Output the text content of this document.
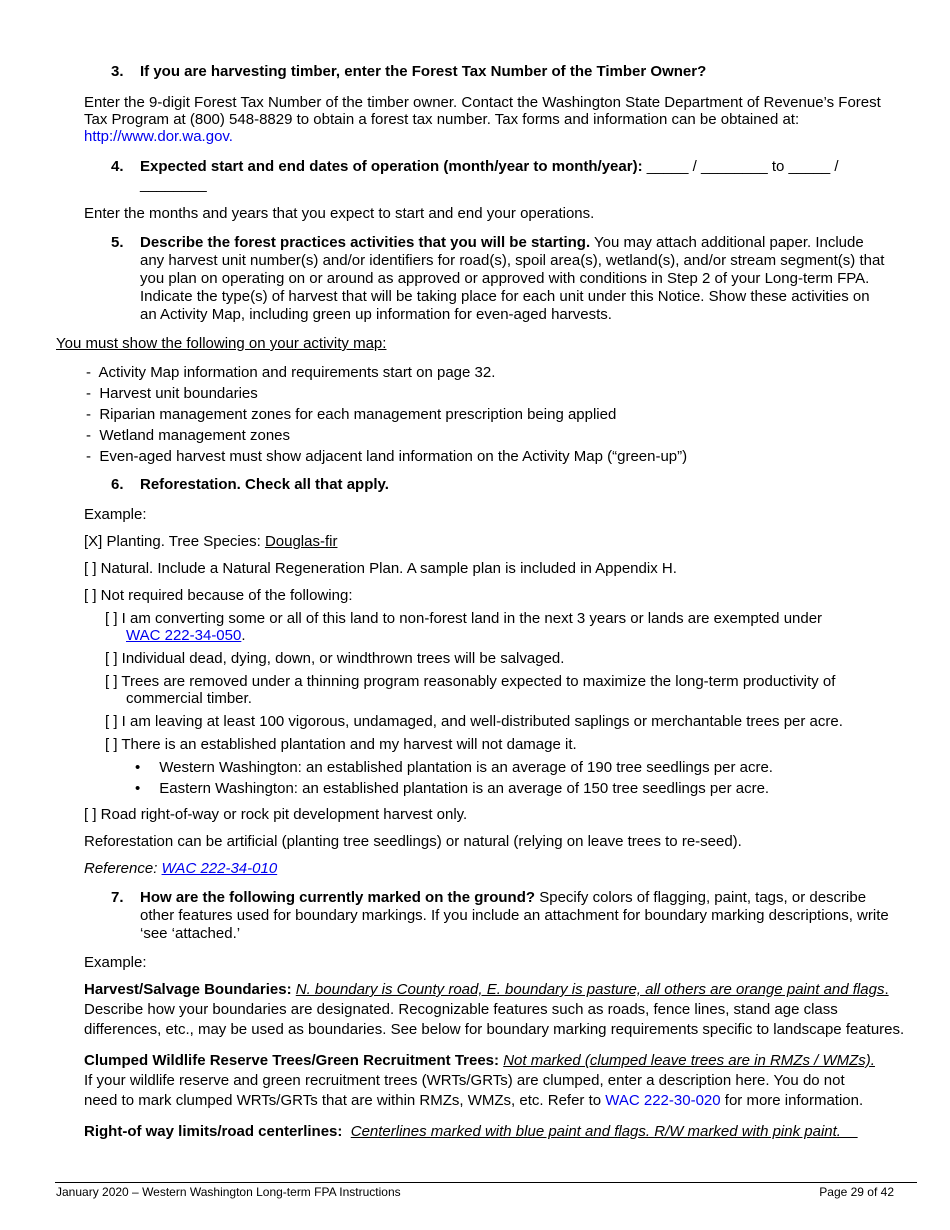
3. If you are harvesting timber, enter the Forest Tax Number of the Timber Owner?
Enter the 9-digit Forest Tax Number of the timber owner. Contact the Washington State Department of Revenue’s Forest
Tax Program at (800) 548-8829 to obtain a forest tax number. Tax forms and information can be obtained at:
http://www.dor.wa.gov.
4. Expected start and end dates of operation (month/year to month/year): _____ / ________ to _____ /
________
Enter the months and years that you expect to start and end your operations.
5. Describe the forest practices activities that you will be starting. You may attach additional paper. Include
any harvest unit number(s) and/or identifiers for road(s), spoil area(s), wetland(s), and/or stream segment(s) that
you plan on operating on or around as approved or approved with conditions in Step 2 of your Long-term FPA.
Indicate the type(s) of harvest that will be taking place for each unit under this Notice. Show these activities on
an Activity Map, including green up information for even-aged harvests.
You must show the following on your activity map:
-  Activity Map information and requirements start on page 32.
-  Harvest unit boundaries
-  Riparian management zones for each management prescription being applied
-  Wetland management zones
-  Even-aged harvest must show adjacent land information on the Activity Map (“green-up”)
6. Reforestation. Check all that apply.
Example:
[X] Planting. Tree Species: Douglas-fir
[ ] Natural. Include a Natural Regeneration Plan. A sample plan is included in Appendix H.
[ ] Not required because of the following:
[ ] I am converting some or all of this land to non-forest land in the next 3 years or lands are exempted under
WAC 222-34-050.
[ ] Individual dead, dying, down, or windthrown trees will be salvaged.
[ ] Trees are removed under a thinning program reasonably expected to maximize the long-term productivity of
commercial timber.
[ ] I am leaving at least 100 vigorous, undamaged, and well-distributed saplings or merchantable trees per acre.
[ ] There is an established plantation and my harvest will not damage it.
• Western Washington: an established plantation is an average of 190 tree seedlings per acre.
• Eastern Washington: an established plantation is an average of 150 tree seedlings per acre.
[ ] Road right-of-way or rock pit development harvest only.
Reforestation can be artificial (planting tree seedlings) or natural (relying on leave trees to re-seed).
Reference: WAC 222-34-010
7. How are the following currently marked on the ground? Specify colors of flagging, paint, tags, or describe
other features used for boundary markings. If you include an attachment for boundary marking descriptions, write
‘see ‘attached.’
Example:
Harvest/Salvage Boundaries: N. boundary is County road, E. boundary is pasture, all others are orange paint and flags.
Describe how your boundaries are designated. Recognizable features such as roads, fence lines, stand age class
differences, etc., may be used as boundaries. See below for boundary marking requirements specific to landscape features.
Clumped Wildlife Reserve Trees/Green Recruitment Trees: Not marked (clumped leave trees are in RMZs / WMZs).
If your wildlife reserve and green recruitment trees (WRTs/GRTs) are clumped, enter a description here. You do not
need to mark clumped WRTs/GRTs that are within RMZs, WMZs, etc. Refer to WAC 222-30-020 for more information.
Right-of way limits/road centerlines: Centerlines marked with blue paint and flags. R/W marked with pink paint.
January 2020 – Western Washington Long-term FPA Instructions	Page 29 of 42
